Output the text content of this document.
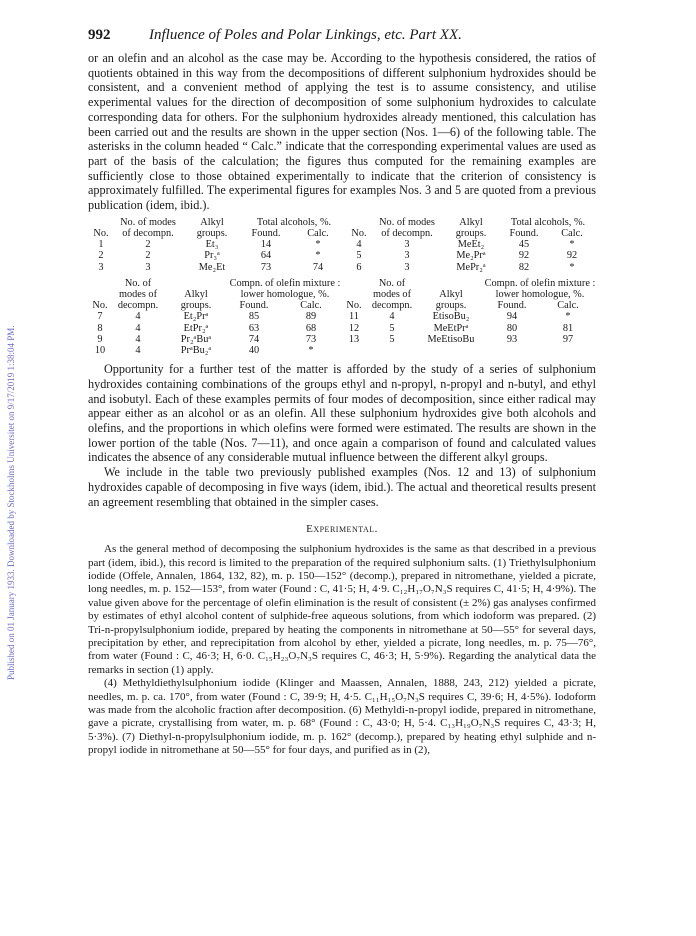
Published on 01 January 1933. Downloaded by Stockholms Universitet on 9/17/2019 1:38:04 PM.
992	Influence of Poles and Polar Linkings, etc. Part XX.

or an olefin and an alcohol as the case may be. According to the hypothesis considered, the ratios of quotients obtained in this way from the decompositions of different sulphonium hydroxides should be consistent, and a convenient method of applying the test is to assume consistency, and utilise experimental values for the direction of decomposition of some sulphonium hydroxides to calculate corresponding data for others. For the sulphonium hydroxides already mentioned, this calculation has been carried out and the results are shown in the upper section (Nos. 1—6) of the following table. The asterisks in the column headed “ Calc.” indicate that the corresponding experimental values are used as part of the basis of the calculation; the figures thus computed for the remaining examples are sufficiently close to those obtained experimentally to indicate that the criterion of consistency is approximately fulfilled. The experimental figures for examples Nos. 3 and 5 are quoted from a previous publication (idem, ibid.).

	No. of modes	Alkyl	Total alcohols, %.			No. of modes	Alkyl	Total alcohols, %.	
No.	of decompn.	groups.	Found.	Calc.	No.	of decompn.	groups.	Found.	Calc.
1	2	Et₃	14	*	4	3	MeEt₂	45	*
2	2	Pr₃ᵃ	64	*	5	3	Me₂Prᵃ	92	92
3	3	Me₂Et	73	74	6	3	MePr₂ᵃ	82	*
	No. of		Compn. of olefin mixture :			No. of		Compn. of olefin mixture :	
	modes of	Alkyl	lower homologue, %.			modes of	Alkyl	lower homologue, %.	
No.	decompn.	groups.	Found.	Calc.	No.	decompn.	groups.	Found.	Calc.
7	4	Et₂Prᵃ	85	89	11	4	EtisoBu₂	94	*
8	4	EtPr₂ᵃ	63	68	12	5	MeEtPrᵃ	80	81
9	4	Pr₂ᵃBuᵃ	74	73	13	5	MeEtisoBu	93	97
10	4	PrᵃBu₂ᵃ	40	*					

Opportunity for a further test of the matter is afforded by the study of a series of sulphonium hydroxides containing combinations of the groups ethyl and n-propyl, n-propyl and n-butyl, and ethyl and isobutyl. Each of these examples permits of four modes of decomposition, since either radical may appear either as an alcohol or as an olefin. All these sulphonium hydroxides give both alcohols and olefins, and the proportions in which olefins were formed were estimated. The results are shown in the lower portion of the table (Nos. 7—11), and once again a comparison of found and calculated values indicates the absence of any considerable mutual influence between the different alkyl groups.

We include in the table two previously published examples (Nos. 12 and 13) of sulphonium hydroxides capable of decomposing in five ways (idem, ibid.). The actual and theoretical results present an agreement resembling that obtained in the simpler cases.

Experimental.

As the general method of decomposing the sulphonium hydroxides is the same as that described in a previous part (idem, ibid.), this record is limited to the preparation of the required sulphonium salts. (1) Triethylsulphonium iodide (Offele, Annalen, 1864, 132, 82), m. p. 150—152° (decomp.), prepared in nitromethane, yielded a picrate, long needles, m. p. 152—153°, from water (Found : C, 41·5; H, 4·9. C₁₂H₁₇O₇N₃S requires C, 41·5; H, 4·9%). The value given above for the percentage of olefin elimination is the result of consistent (± 2%) gas analyses confirmed by estimates of ethyl alcohol content of sulphide-free aqueous solutions, from which iodoform was prepared. (2) Tri-n-propylsulphonium iodide, prepared by heating the components in nitromethane at 50—55° for several days, precipitation by ether, and reprecipitation from alcohol by ether, yielded a picrate, long needles, m. p. 75—76°, from water (Found : C, 46·3; H, 6·0. C₁₅H₂₃O₇N₃S requires C, 46·3; H, 5·9%). Regarding the analytical data the remarks in section (1) apply.

(4) Methyldiethylsulphonium iodide (Klinger and Maassen, Annalen, 1888, 243, 212) yielded a picrate, needles, m. p. ca. 170°, from water (Found : C, 39·9; H, 4·5. C₁₁H₁₅O₇N₃S requires C, 39·6; H, 4·5%). Iodoform was made from the alcoholic fraction after decomposition. (6) Methyldi-n-propyl iodide, prepared in nitromethane, gave a picrate, crystallising from water, m. p. 68° (Found : C, 43·0; H, 5·4. C₁₃H₁₉O₇N₃S requires C, 43·3; H, 5·3%). (7) Diethyl-n-propylsulphonium iodide, m. p. 162° (decomp.), prepared by heating ethyl sulphide and n-propyl iodide in nitromethane at 50—55° for four days, and purified as in (2),
